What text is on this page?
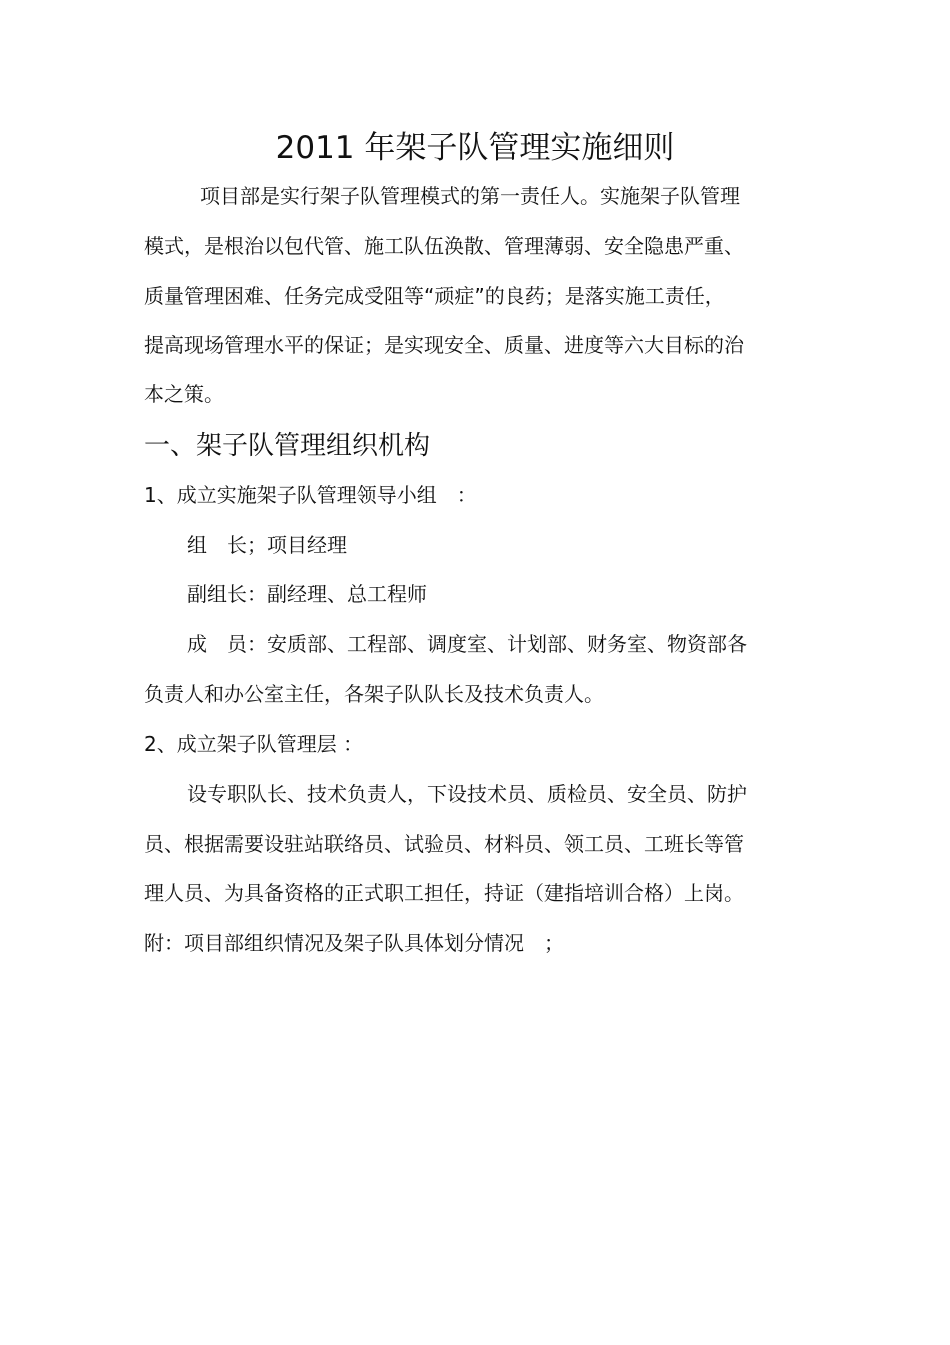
2011 年架子队管理实施细则
项目部是实行架子队管理模式的第一责任人。实施架子队管理
模式，是根治以包代管、施工队伍涣散、管理薄弱、安全隐患严重、
质量管理困难、任务完成受阻等“顽症”的良药；是落实施工责任，
提高现场管理水平的保证；是实现安全、质量、进度等六大目标的治
本之策。
一、架子队管理组织机构
1、成立实施架子队管理领导小组　：
组　长；项目经理
副组长：副经理、总工程师
成　员：安质部、工程部、调度室、计划部、财务室、物资部各
负责人和办公室主任，各架子队队长及技术负责人。
2、成立架子队管理层 ：
设专职队长、技术负责人，下设技术员、质检员、安全员、防护
员、根据需要设驻站联络员、试验员、材料员、领工员、工班长等管
理人员、为具备资格的正式职工担任，持证（建指培训合格）上岗。
附：项目部组织情况及架子队具体划分情况　；
